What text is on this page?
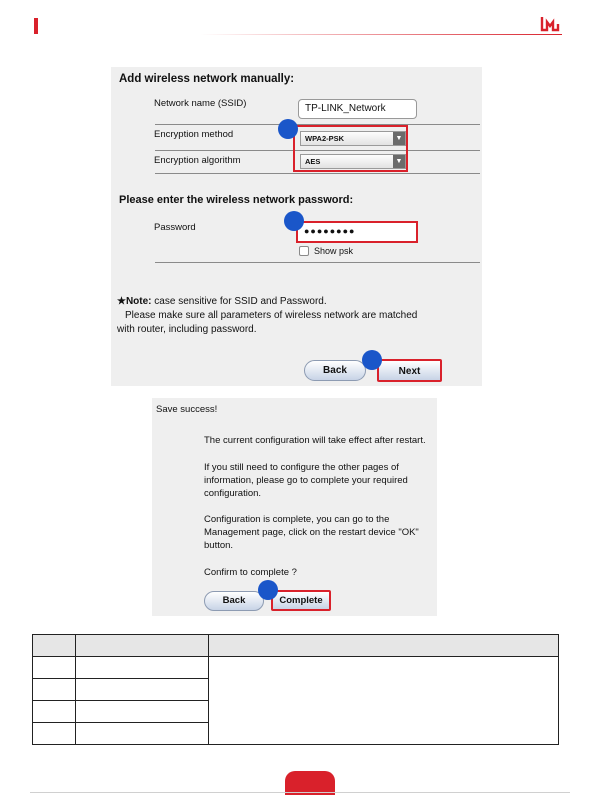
Add wireless network manually:
Network name (SSID)	TP-LINK_Network
Encryption method	WPA2-PSK	▼
Encryption algorithm	AES	▼
Please enter the wireless network password:
Password	●●●●●●●●
Show psk
★Note: case sensitive for SSID and Password.
Please make sure all parameters of wireless network are matched
with router, including password.
Back	Next
Save success!
The current configuration will take effect after restart.
If you still need to configure the other pages of information, please go to complete your required configuration.
Configuration is complete, you can go to the Management page, click on the restart device "OK" button.
Confirm to complete ?
Back	Complete
